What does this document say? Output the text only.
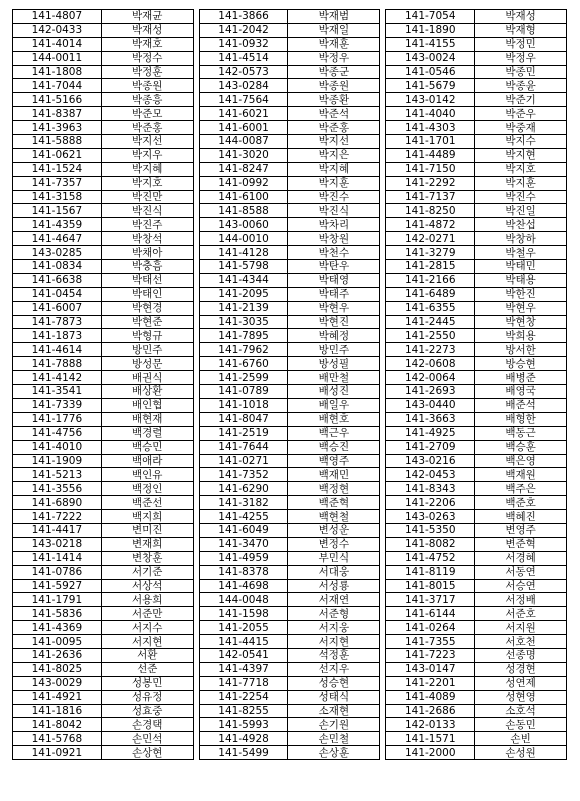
141-4807	박재균		141-3866	박재범		141-7054	박재성
142-0433	박재성		141-2042	박재일		141-1890	박재형
141-4014	박재호		141-0932	박재훈		141-4155	박정민
144-0011	박정수		141-4514	박정우		143-0024	박정우
141-1808	박정훈		142-0573	박종군		141-0546	박종민
141-7044	박종원		143-0284	박종원		141-5679	박종윤
141-5166	박종흥		141-7564	박종환		143-0142	박준기
141-8387	박준모		141-6021	박준석		141-4040	박준우
141-3963	박준홍		141-6001	박준홍		141-4303	박중재
141-5888	박지선		144-0087	박지선		141-1701	박지수
141-0621	박지우		141-3020	박지은		141-4489	박지현
141-1524	박지혜		141-8247	박지혜		141-7150	박지호
141-7357	박지호		141-0992	박지훈		141-2292	박지훈
141-3158	박진만		141-6100	박진수		141-7137	박진수
141-1567	박진식		141-8588	박진식		141-8250	박진일
141-4359	박진주		143-0060	박차리		141-4872	박찬섭
141-4647	박창석		144-0010	박창원		142-0271	박창하
143-0285	박채아		141-4128	박천수		141-3279	박철우
141-0834	박충흠		141-5798	박탄우		141-2815	박태민
141-6638	박태선		141-4344	박태영		141-2166	박태용
141-0454	박태인		141-2095	박태주		141-6489	박한진
141-6007	박현경		141-2139	박현우		141-6355	박현우
141-7873	박현준		141-3035	박현진		141-2445	박현창
141-1873	박형규		141-7895	박혜정		141-2550	박희용
141-4614	방민주		141-7962	방민주		141-2273	방서한
141-7888	방성문		141-6760	방성필		142-0608	방승현
141-4142	배권식		141-2599	배만철		142-0064	배병준
141-3541	배상환		141-0789	배성진		141-2693	배영국
141-7339	배인협		141-1018	배일우		143-0440	배준석
141-1776	배현재		141-8047	배현호		141-3663	배형한
141-4756	백경렬		141-2519	백근우		141-4925	백동근
141-4010	백승민		141-7644	백승진		141-2709	백승훈
141-1909	백애라		141-0271	백영주		143-0216	백은영
141-5213	백인유		141-7352	백재민		142-0453	백재원
141-3556	백정인		141-6290	백정현		141-8343	백주은
141-6890	백준선		141-3182	백준혁		141-2206	백준호
141-7222	백지희		141-4255	백현철		143-0263	백혜진
141-4417	변미진		141-6049	변성운		141-5350	변영주
143-0218	변재희		141-3470	변정수		141-8082	변준혁
141-1414	변창훈		141-4959	부민식		141-4752	서경혜
141-0786	서기준		141-8378	서대웅		141-8119	서동연
141-5927	서상석		141-4698	서성룡		141-8015	서승연
141-1791	서용희		144-0048	서재연		141-3717	서정배
141-5836	서준만		141-1598	서준형		141-6144	서준호
141-4369	서지수		141-2055	서지웅		141-0264	서지원
141-0095	서지현		141-4415	서지현		141-7355	서호천
141-2636	서환		142-0541	석정훈		141-7223	선종명
141-8025	선준		141-4397	선지우		143-0147	성경현
143-0029	성봉민		141-7718	성승현		141-2201	성연제
141-4921	성유정		141-2254	성태식		141-4089	성현영
141-1816	성효중		141-8255	소재현		141-2686	소호석
141-8042	손경택		141-5993	손기원		142-0133	손동민
141-5768	손민석		141-4928	손민철		141-1571	손빈
141-0921	손상현		141-5499	손상훈		141-2000	손성원
